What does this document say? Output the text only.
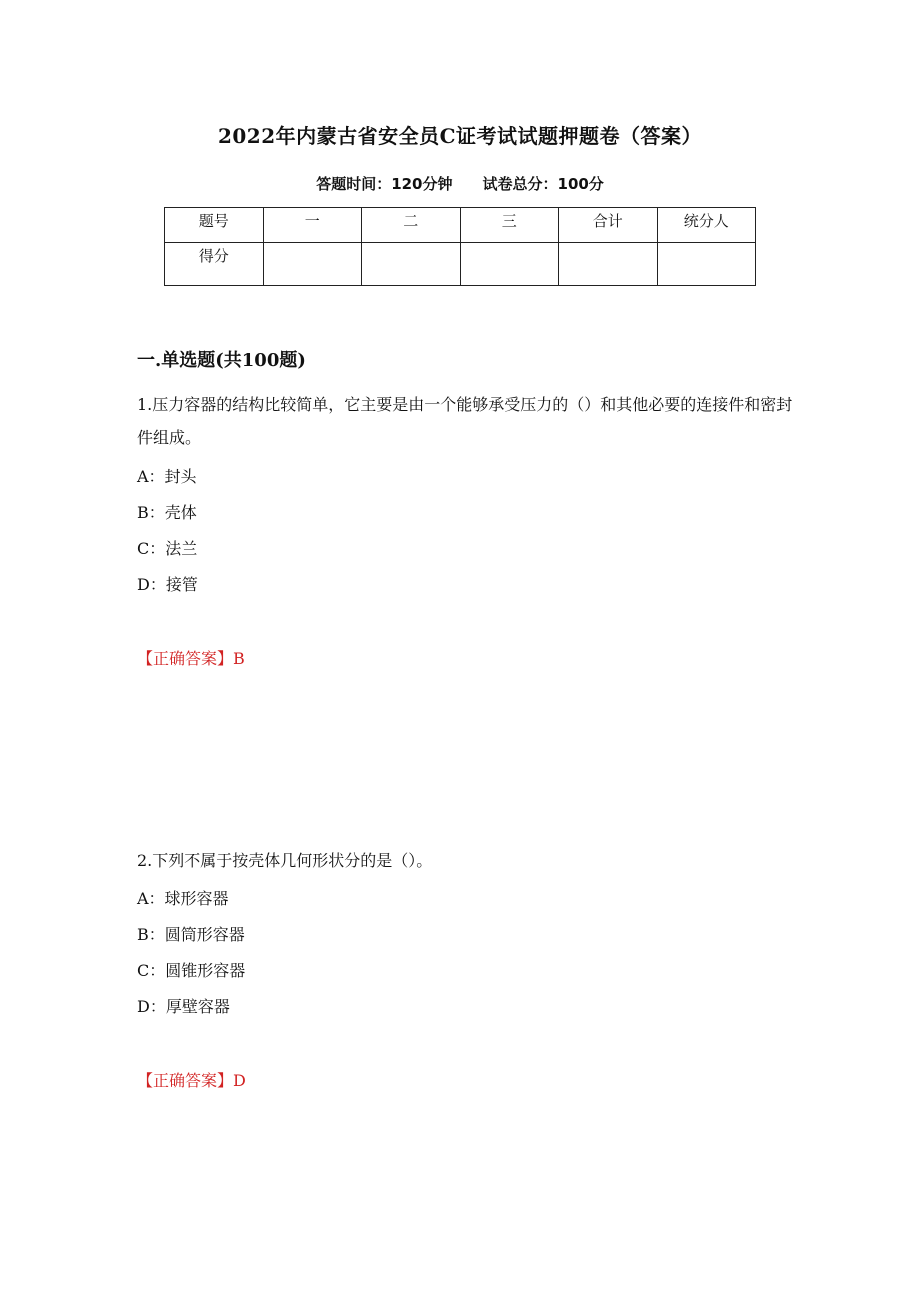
2022年内蒙古省安全员C证考试试题押题卷（答案）
答题时间：120分钟 试卷总分：100分
题号	一	二	三	合计	统分人
得分					
一.单选题(共100题)
1.压力容器的结构比较简单，它主要是由一个能够承受压力的（）和其他必要的连接件和密封件组成。
A：封头
B：壳体
C：法兰
D：接管
【正确答案】B
2.下列不属于按壳体几何形状分的是（）。
A：球形容器
B：圆筒形容器
C：圆锥形容器
D：厚壁容器
【正确答案】D
